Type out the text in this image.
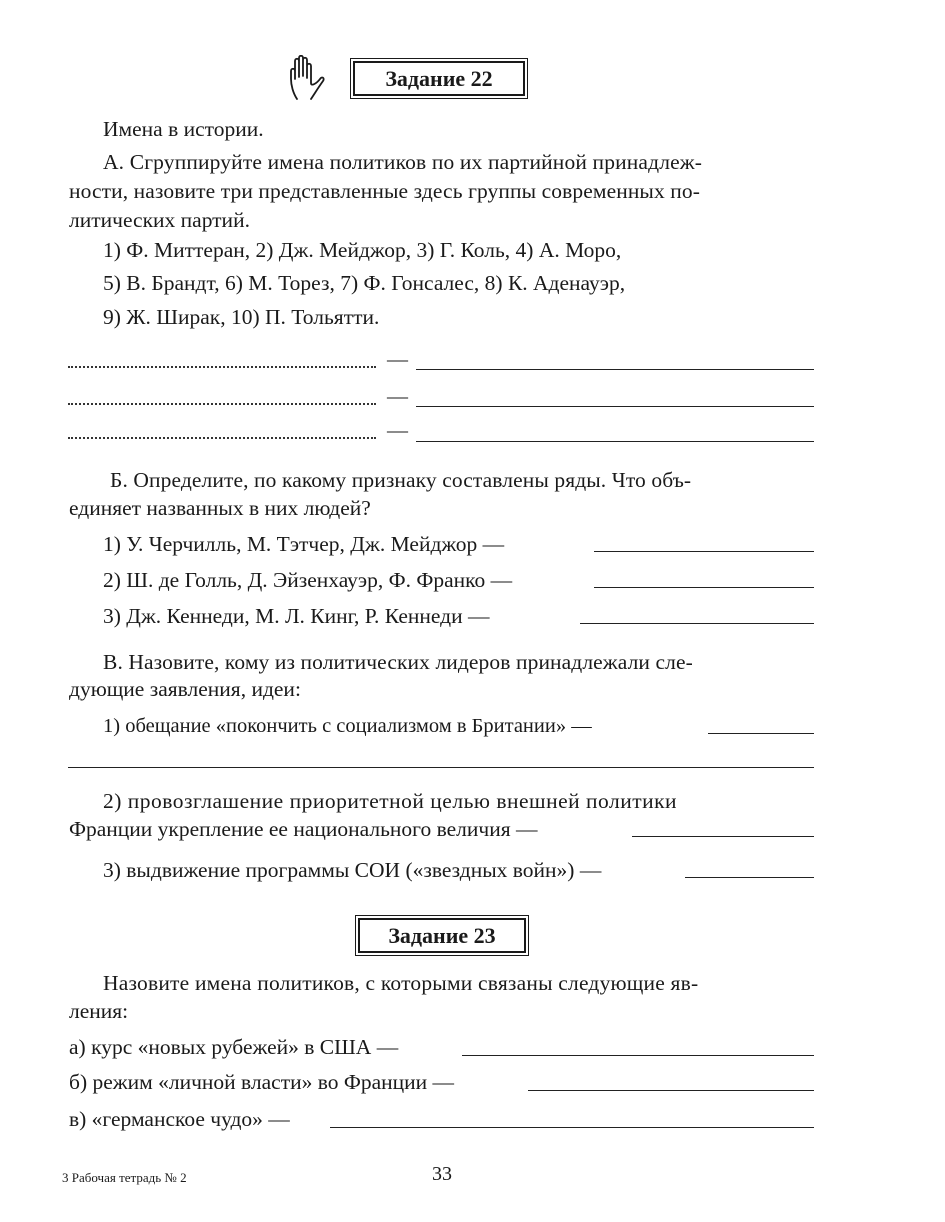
Задание 22
Имена в истории.
А. Сгруппируйте имена политиков по их партийной принадлеж-
ности, назовите три представленные здесь группы современных по-
литических партий.
1) Ф. Миттеран, 2) Дж. Мейджор, 3) Г. Коль, 4) А. Моро,
5) В. Брандт, 6) М. Торез, 7) Ф. Гонсалес, 8) К. Аденауэр,
9) Ж. Ширак, 10) П. Тольятти.
—
—
—
Б. Определите, по какому признаку составлены ряды. Что объ-
единяет названных в них людей?
1) У. Черчилль, М. Тэтчер, Дж. Мейджор —
2) Ш. де Голль, Д. Эйзенхауэр, Ф. Франко —
3) Дж. Кеннеди, М. Л. Кинг, Р. Кеннеди —
В. Назовите, кому из политических лидеров принадлежали сле-
дующие заявления, идеи:
1) обещание «покончить с социализмом в Британии» —
2) провозглашение приоритетной целью внешней политики
Франции укрепление ее национального величия —
3) выдвижение программы СОИ («звездных войн») —
Задание 23
Назовите имена политиков, с которыми связаны следующие яв-
ления:
а) курс «новых рубежей» в США —
б) режим «личной власти» во Франции —
в) «германское чудо» —
3 Рабочая тетрадь № 2	33
